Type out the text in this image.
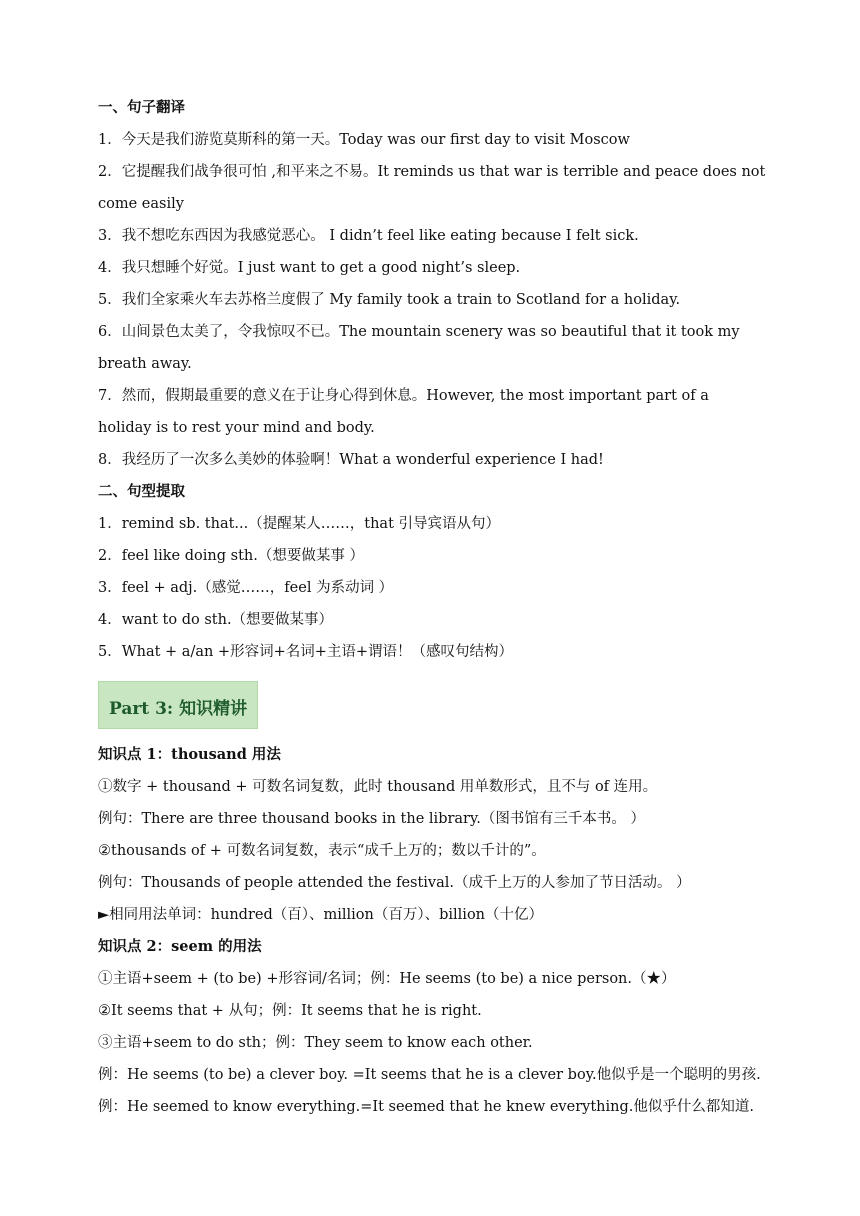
一、句子翻译
1．今天是我们游览莫斯科的第一天。Today was our first day to visit Moscow
2．它提醒我们战争很可怕 ,和平来之不易。It reminds us that war is terrible and peace does not come easily
3．我不想吃东西因为我感觉恶心。 I didn’t feel like eating because I felt sick.
4．我只想睡个好觉。I just want to get a good night’s sleep.
5．我们全家乘火车去苏格兰度假了 My family took a train to Scotland for a holiday.
6．山间景色太美了，令我惊叹不已。The mountain scenery was so beautiful that it took my breath away.
7．然而，假期最重要的意义在于让身心得到休息。However, the most important part of a holiday is to rest your mind and body.
8．我经历了一次多么美妙的体验啊！What a wonderful experience I had!
二、句型提取
1．remind sb. that...（提醒某人……，that 引导宾语从句）
2．feel like doing sth.（想要做某事 ）
3．feel + adj.（感觉……，feel 为系动词 ）
4．want to do sth.（想要做某事）
5．What + a/an +形容词+名词+主语+谓语！（感叹句结构）
Part 3: 知识精讲
知识点 1：thousand 用法
①数字 + thousand + 可数名词复数，此时 thousand 用单数形式，且不与 of 连用。
例句：There are three thousand books in the library.（图书馆有三千本书。 ）
②thousands of + 可数名词复数，表示“成千上万的；数以千计的”。
例句：Thousands of people attended the festival.（成千上万的人参加了节日活动。 ）
►相同用法单词：hundred（百）、million（百万）、billion（十亿）
知识点 2：seem 的用法
①主语+seem + (to be) +形容词/名词；例：He seems (to be) a nice person.（★）
②It seems that + 从句；例：It seems that he is right.
③主语+seem to do sth；例：They seem to know each other.
例：He seems (to be) a clever boy. =It seems that he is a clever boy.他似乎是一个聪明的男孩.
例：He seemed to know everything.=It seemed that he knew everything.他似乎什么都知道.
